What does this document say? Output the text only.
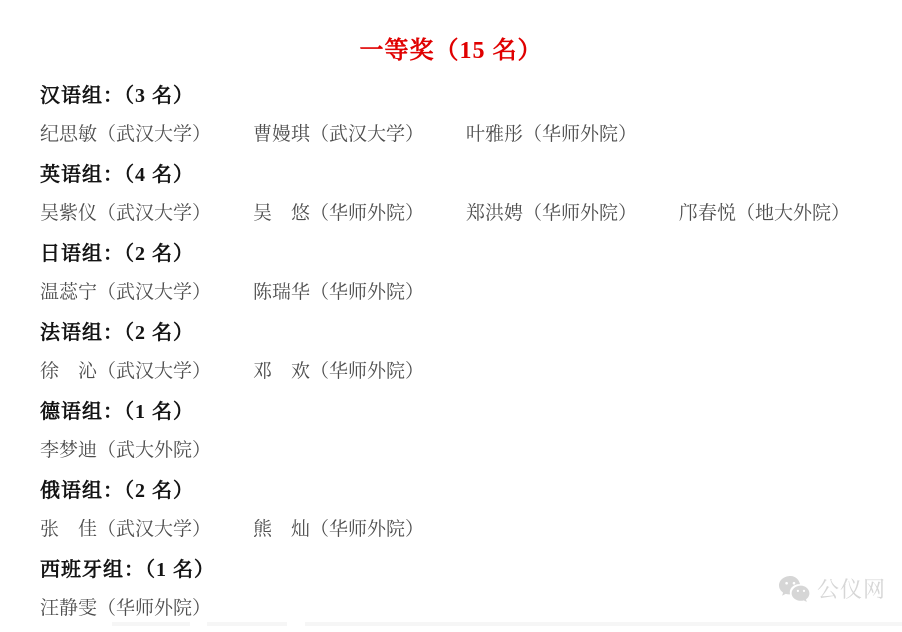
一等奖（15 名）
汉语组：（3 名）
纪思敏（武汉大学）	曹嫚琪（武汉大学）	叶雅彤（华师外院）
英语组：（4 名）
吴紫仪（武汉大学）	吴　悠（华师外院）	郑洪娉（华师外院）	邝春悦（地大外院）
日语组：（2 名）
温蕊宁（武汉大学）	陈瑞华（华师外院）
法语组：（2 名）
徐　沁（武汉大学）	邓　欢（华师外院）
德语组：（1 名）
李梦迪（武大外院）
俄语组：（2 名）
张　佳（武汉大学）	熊　灿（华师外院）
西班牙组：（1 名）
汪静雯（华师外院）
公仪网
